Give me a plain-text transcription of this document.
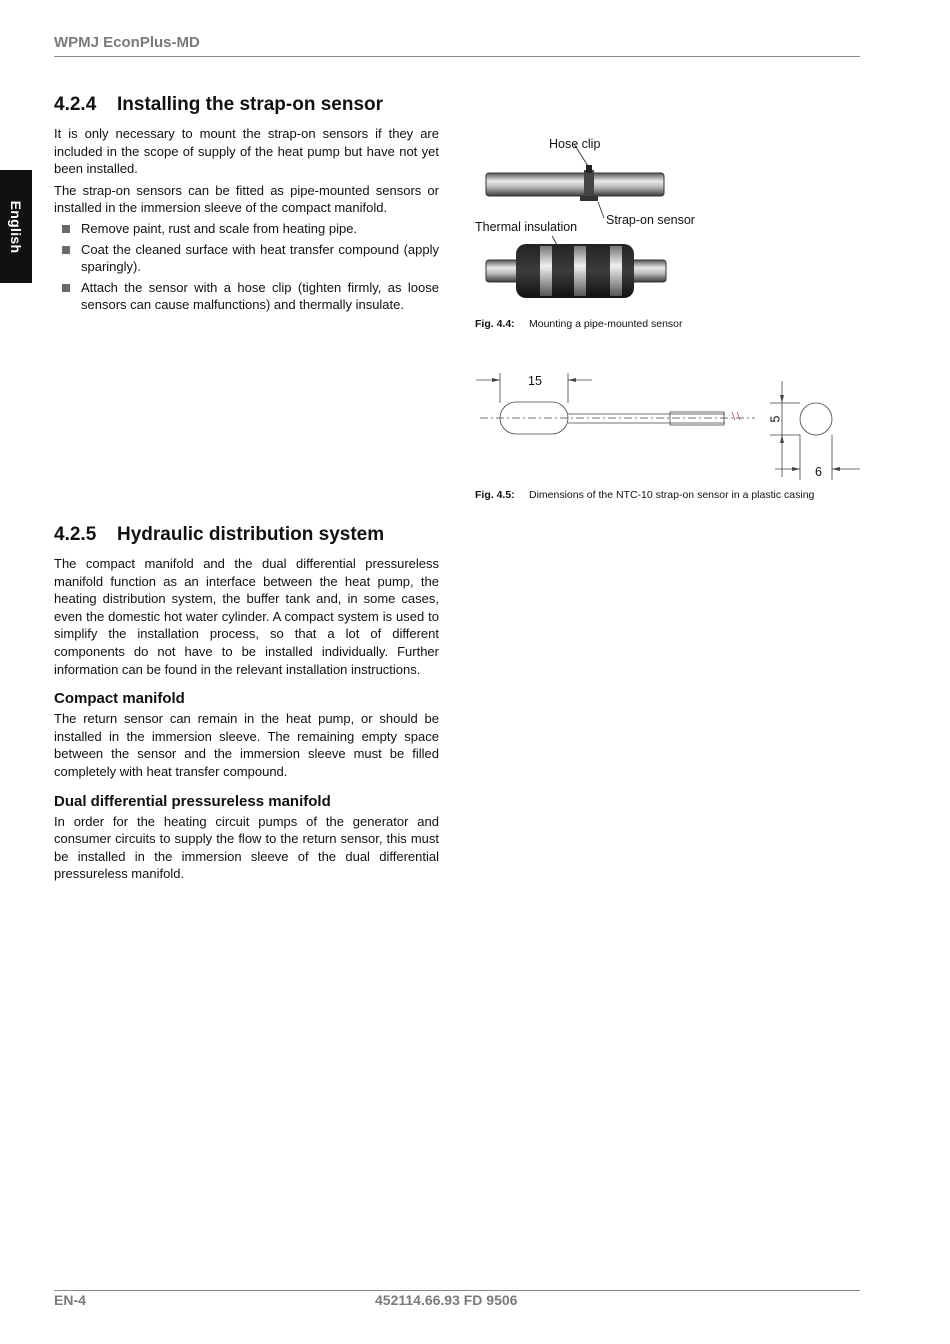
WPMJ EconPlus-MD
English
4.2.4 Installing the strap-on sensor

It is only necessary to mount the strap-on sensors if they are included in the scope of supply of the heat pump but have not yet been installed.

The strap-on sensors can be fitted as pipe-mounted sensors or installed in the immersion sleeve of the compact manifold.

Remove paint, rust and scale from heating pipe.
Coat the cleaned surface with heat transfer compound (apply sparingly).
Attach the sensor with a hose clip (tighten firmly, as loose sensors can cause malfunctions) and thermally insulate.
Hose clip
Strap-on sensor
Thermal insulation
Fig. 4.4: Mounting a pipe-mounted sensor
15
5
6
Fig. 4.5: Dimensions of the NTC-10 strap-on sensor in a plastic casing
4.2.5 Hydraulic distribution system

The compact manifold and the dual differential pressureless manifold function as an interface between the heat pump, the heating distribution system, the buffer tank and, in some cases, even the domestic hot water cylinder. A compact system is used to simplify the installation process, so that a lot of different components do not have to be installed individually. Further information can be found in the relevant installation instructions.

Compact manifold

The return sensor can remain in the heat pump, or should be installed in the immersion sleeve. The remaining empty space between the sensor and the immersion sleeve must be filled completely with heat transfer compound.

Dual differential pressureless manifold

In order for the heating circuit pumps of the generator and consumer circuits to supply the flow to the return sensor, this must be installed in the immersion sleeve of the dual differential pressureless manifold.

EN-4	452114.66.93 FD 9506
